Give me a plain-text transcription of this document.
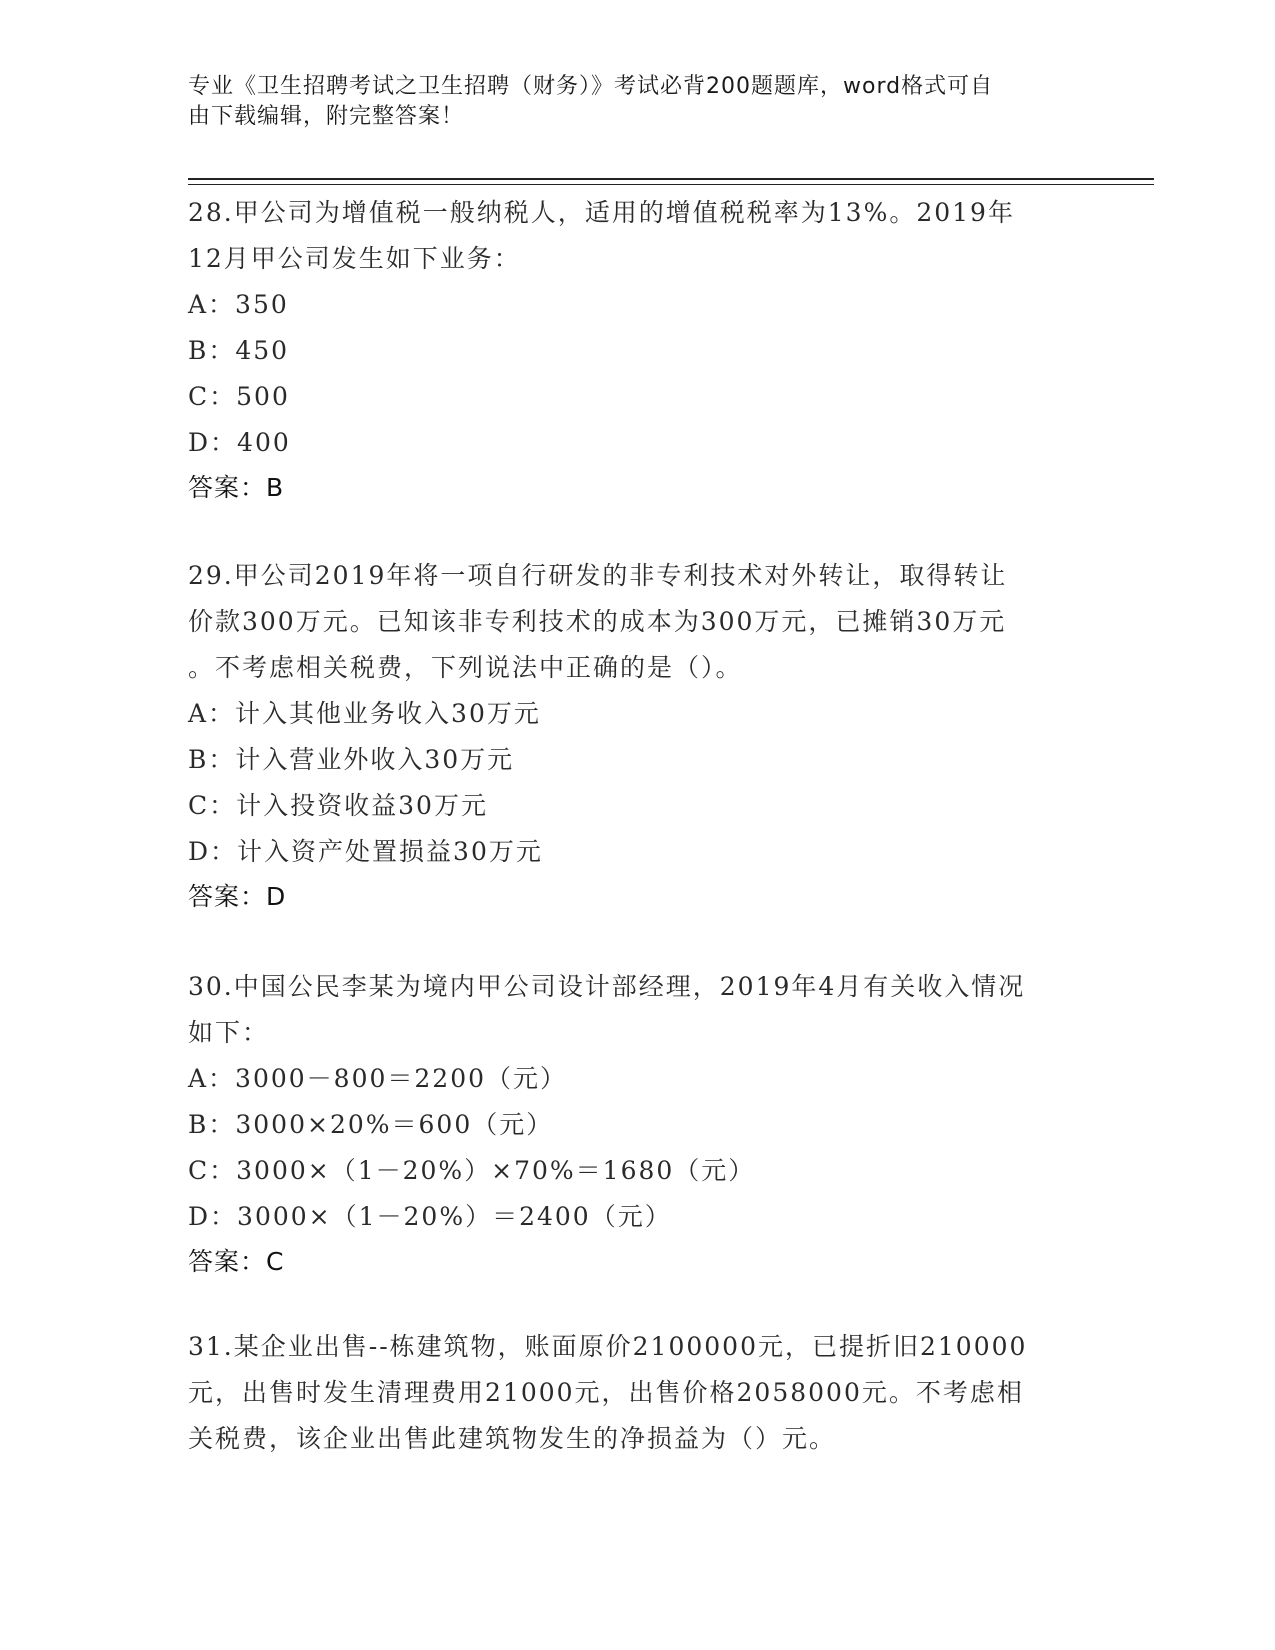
专业《卫生招聘考试之卫生招聘（财务）》考试必背200题题库，word格式可自
由下载编辑，附完整答案！
28.甲公司为增值税一般纳税人，适用的增值税税率为13%。2019年
12月甲公司发生如下业务：
A：350
B：450
C：500
D：400
答案：B
29.甲公司2019年将一项自行研发的非专利技术对外转让，取得转让
价款300万元。已知该非专利技术的成本为300万元，已摊销30万元
。不考虑相关税费，下列说法中正确的是（）。
A：计入其他业务收入30万元
B：计入营业外收入30万元
C：计入投资收益30万元
D：计入资产处置损益30万元
答案：D
30.中国公民李某为境内甲公司设计部经理，2019年4月有关收入情况
如下：
A：3000－800＝2200（元）
B：3000×20%＝600（元）
C：3000×（1－20%）×70%＝1680（元）
D：3000×（1－20%）＝2400（元）
答案：C
31.某企业出售--栋建筑物，账面原价2100000元，已提折旧210000
元，出售时发生清理费用21000元，出售价格2058000元。不考虑相
关税费，该企业出售此建筑物发生的净损益为（）元。
